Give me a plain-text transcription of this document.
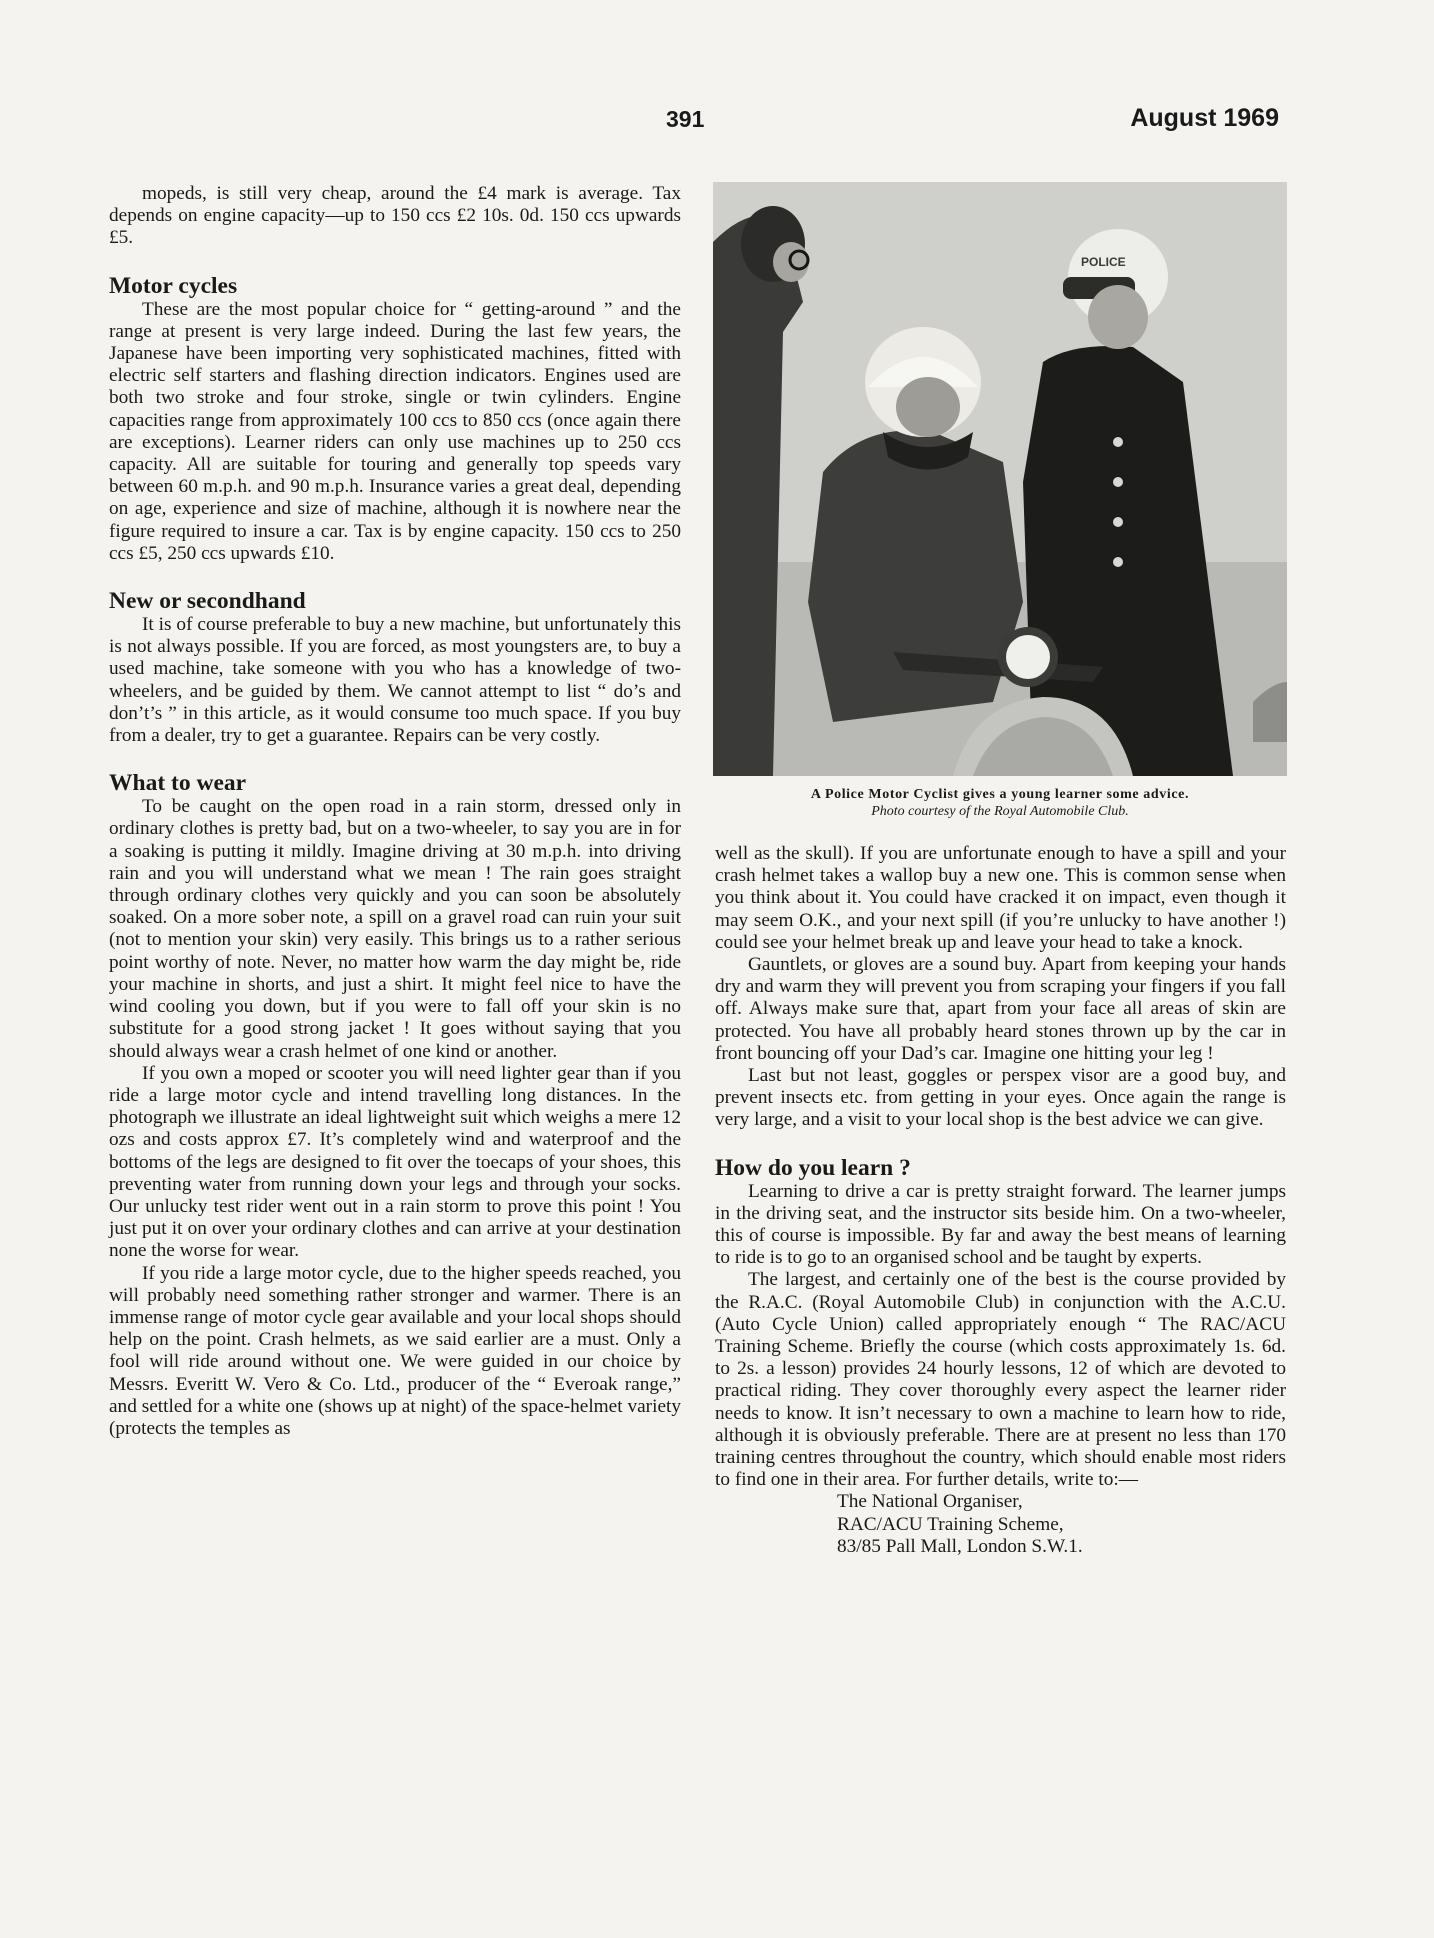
391	August 1969

mopeds, is still very cheap, around the £4 mark is average. Tax depends on engine capacity—up to 150 ccs £2 10s. 0d. 150 ccs upwards £5.

Motor cycles

These are the most popular choice for “ getting-around ” and the range at present is very large indeed. During the last few years, the Japanese have been importing very sophisticated machines, fitted with electric self starters and flashing direction indicators. Engines used are both two stroke and four stroke, single or twin cylinders. Engine capacities range from approximately 100 ccs to 850 ccs (once again there are exceptions). Learner riders can only use machines up to 250 ccs capacity. All are suitable for touring and generally top speeds vary between 60 m.p.h. and 90 m.p.h. Insurance varies a great deal, depending on age, experience and size of machine, although it is nowhere near the figure required to insure a car. Tax is by engine capacity. 150 ccs to 250 ccs £5, 250 ccs upwards £10.

New or secondhand

It is of course preferable to buy a new machine, but unfortunately this is not always possible. If you are forced, as most youngsters are, to buy a used machine, take someone with you who has a knowledge of two-wheelers, and be guided by them. We cannot attempt to list “ do’s and don’t’s ” in this article, as it would consume too much space. If you buy from a dealer, try to get a guarantee. Repairs can be very costly.

What to wear

To be caught on the open road in a rain storm, dressed only in ordinary clothes is pretty bad, but on a two-wheeler, to say you are in for a soaking is putting it mildly. Imagine driving at 30 m.p.h. into driving rain and you will understand what we mean ! The rain goes straight through ordinary clothes very quickly and you can soon be absolutely soaked. On a more sober note, a spill on a gravel road can ruin your suit (not to mention your skin) very easily. This brings us to a rather serious point worthy of note. Never, no matter how warm the day might be, ride your machine in shorts, and just a shirt. It might feel nice to have the wind cooling you down, but if you were to fall off your skin is no substitute for a good strong jacket ! It goes without saying that you should always wear a crash helmet of one kind or another.

If you own a moped or scooter you will need lighter gear than if you ride a large motor cycle and intend travelling long distances. In the photograph we illustrate an ideal lightweight suit which weighs a mere 12 ozs and costs approx £7. It’s completely wind and waterproof and the bottoms of the legs are designed to fit over the toecaps of your shoes, this preventing water from running down your legs and through your socks. Our unlucky test rider went out in a rain storm to prove this point ! You just put it on over your ordinary clothes and can arrive at your destination none the worse for wear.

If you ride a large motor cycle, due to the higher speeds reached, you will probably need something rather stronger and warmer. There is an immense range of motor cycle gear available and your local shops should help on the point. Crash helmets, as we said earlier are a must. Only a fool will ride around without one. We were guided in our choice by Messrs. Everitt W. Vero & Co. Ltd., producer of the “ Everoak range,” and settled for a white one (shows up at night) of the space-helmet variety (protects the temples as

POLICE
A Police Motor Cyclist gives a young learner some advice.
Photo courtesy of the Royal Automobile Club.

well as the skull). If you are unfortunate enough to have a spill and your crash helmet takes a wallop buy a new one. This is common sense when you think about it. You could have cracked it on impact, even though it may seem O.K., and your next spill (if you’re unlucky to have another !) could see your helmet break up and leave your head to take a knock.

Gauntlets, or gloves are a sound buy. Apart from keeping your hands dry and warm they will prevent you from scraping your fingers if you fall off. Always make sure that, apart from your face all areas of skin are protected. You have all probably heard stones thrown up by the car in front bouncing off your Dad’s car. Imagine one hitting your leg !

Last but not least, goggles or perspex visor are a good buy, and prevent insects etc. from getting in your eyes. Once again the range is very large, and a visit to your local shop is the best advice we can give.

How do you learn ?

Learning to drive a car is pretty straight forward. The learner jumps in the driving seat, and the instructor sits beside him. On a two-wheeler, this of course is impossible. By far and away the best means of learning to ride is to go to an organised school and be taught by experts.

The largest, and certainly one of the best is the course provided by the R.A.C. (Royal Automobile Club) in conjunction with the A.C.U. (Auto Cycle Union) called appropriately enough “ The RAC/ACU Training Scheme. Briefly the course (which costs approximately 1s. 6d. to 2s. a lesson) provides 24 hourly lessons, 12 of which are devoted to practical riding. They cover thoroughly every aspect the learner rider needs to know. It isn’t necessary to own a machine to learn how to ride, although it is obviously preferable. There are at present no less than 170 training centres throughout the country, which should enable most riders to find one in their area. For further details, write to:—

The National Organiser,
RAC/ACU Training Scheme,
83/85 Pall Mall, London S.W.1.
